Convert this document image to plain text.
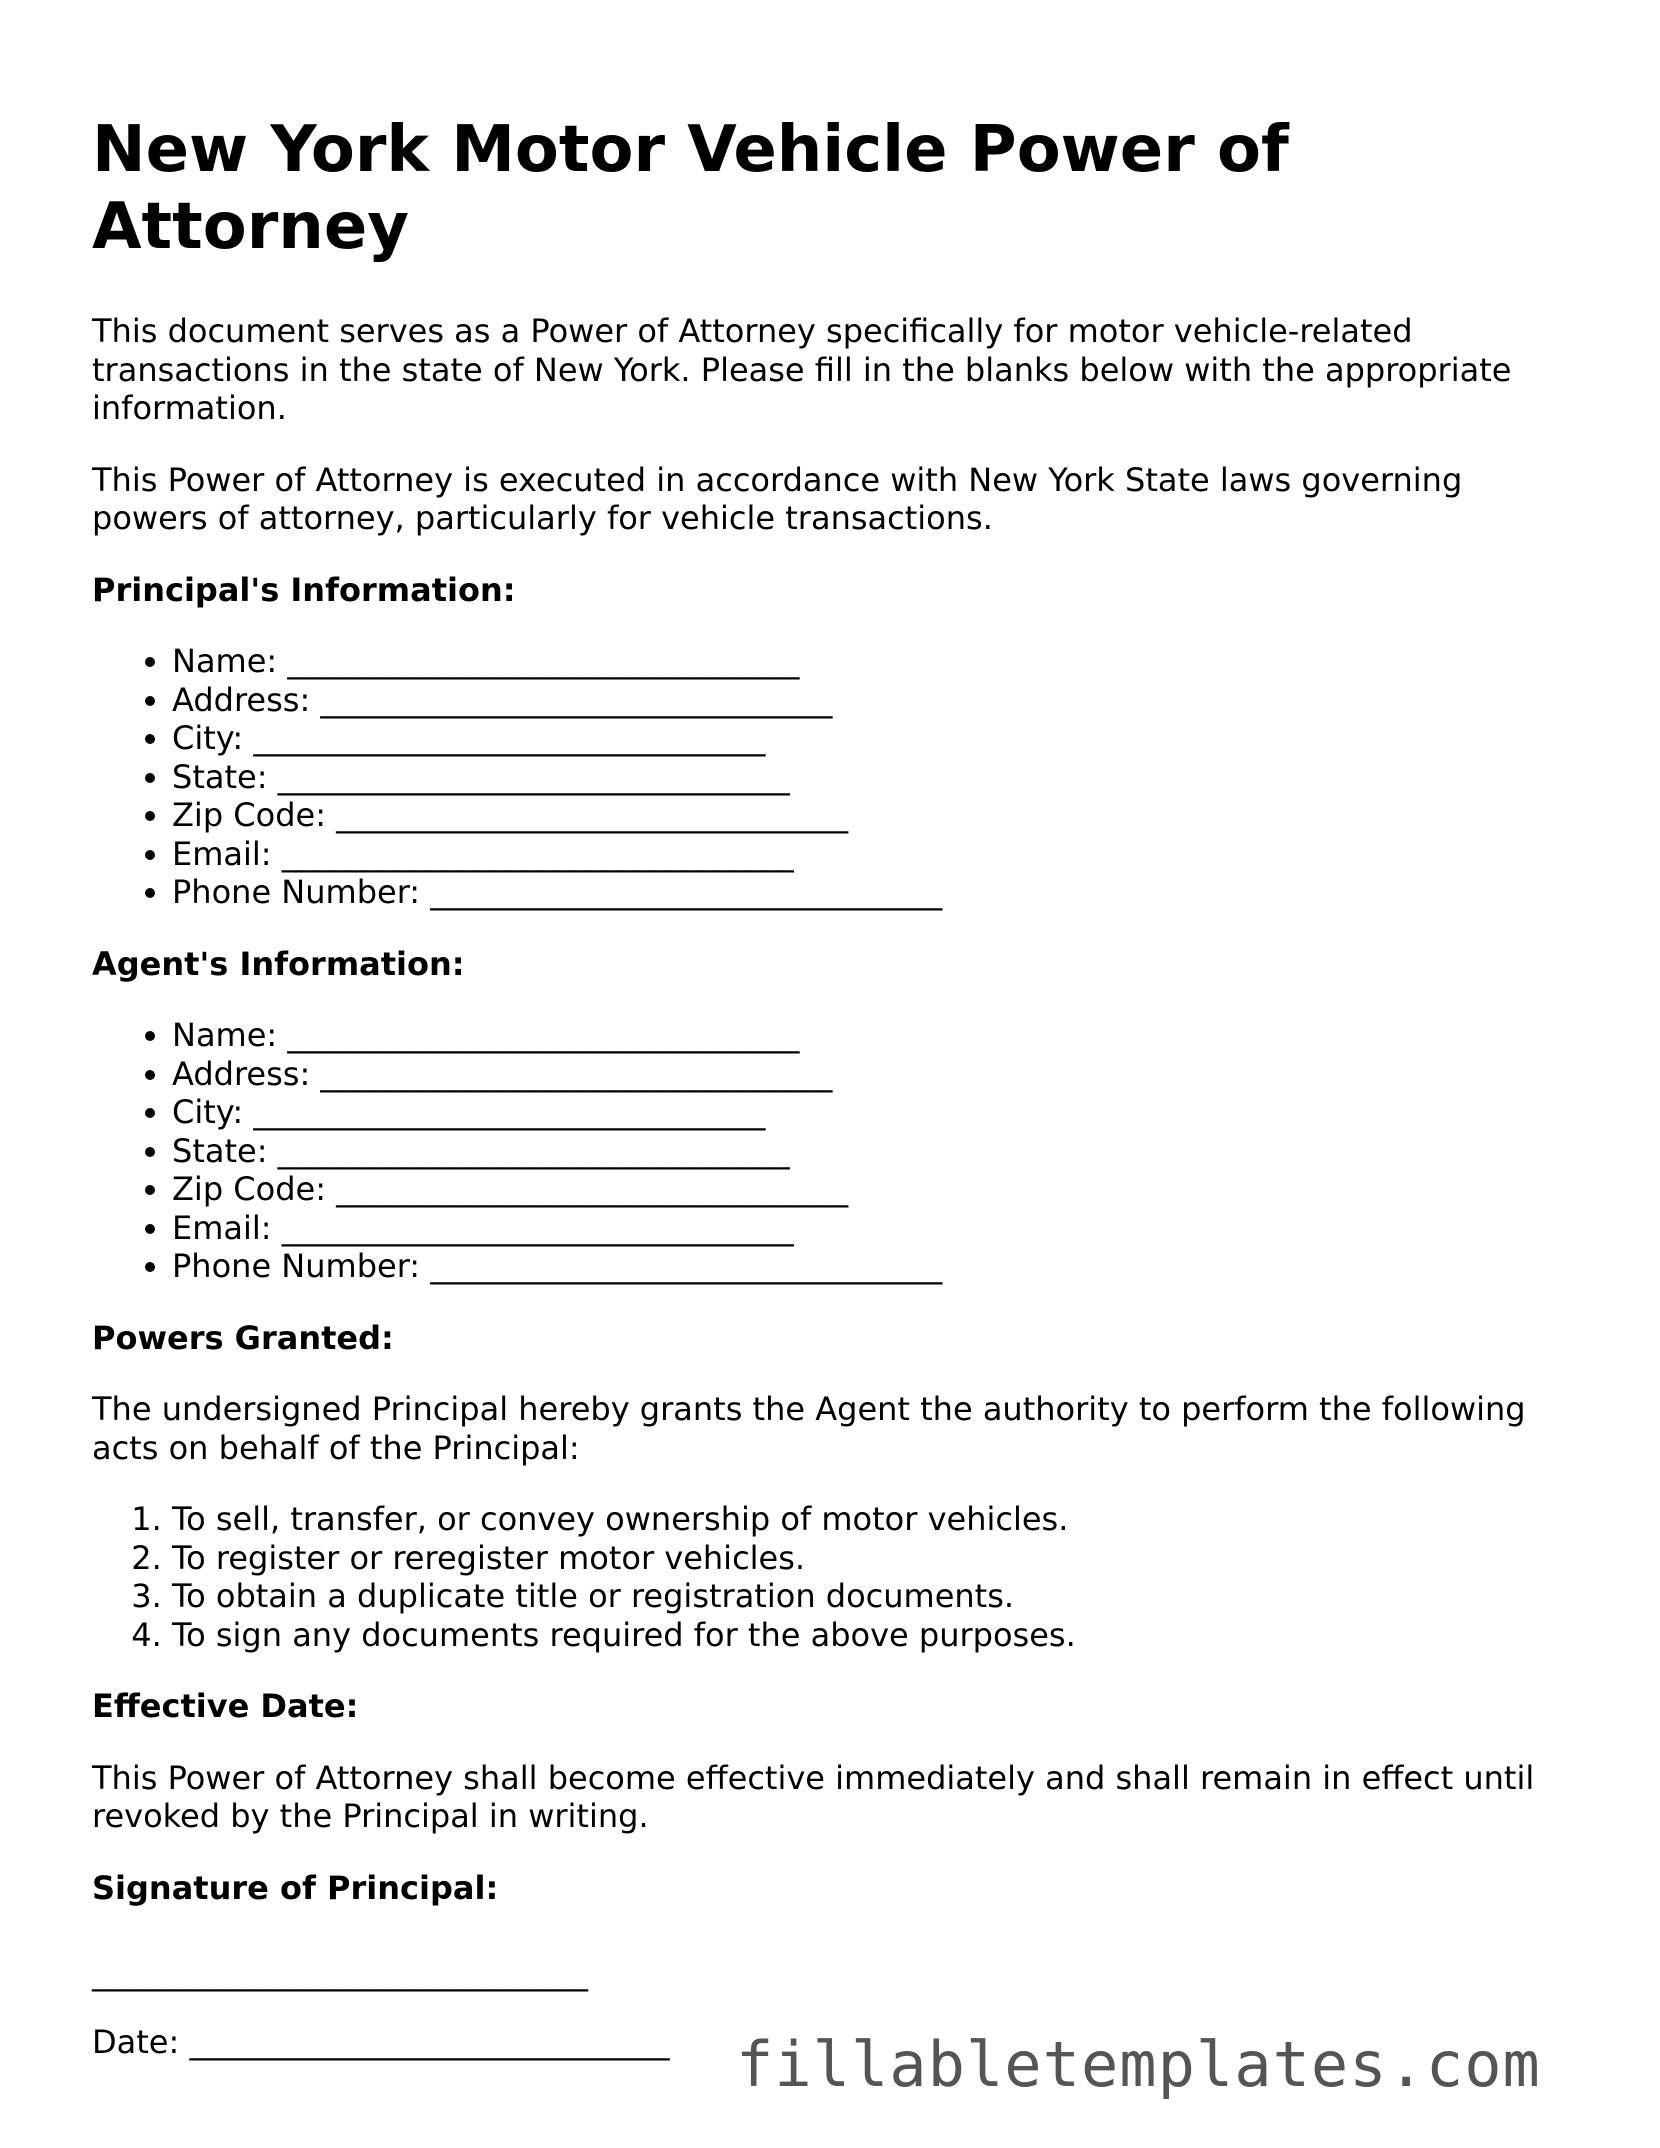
New York Motor Vehicle Power of Attorney

This document serves as a Power of Attorney specifically for motor vehicle-related transactions in the state of New York. Please fill in the blanks below with the appropriate information.

This Power of Attorney is executed in accordance with New York State laws governing powers of attorney, particularly for vehicle transactions.

Principal's Information:
• Name: ________________________________
• Address: ________________________________
• City: ________________________________
• State: ________________________________
• Zip Code: ________________________________
• Email: ________________________________
• Phone Number: ________________________________
Agent's Information:
• Name: ________________________________
• Address: ________________________________
• City: ________________________________
• State: ________________________________
• Zip Code: ________________________________
• Email: ________________________________
• Phone Number: ________________________________
Powers Granted:

The undersigned Principal hereby grants the Agent the authority to perform the following acts on behalf of the Principal:

1. To sell, transfer, or convey ownership of motor vehicles.
2. To register or reregister motor vehicles.
3. To obtain a duplicate title or registration documents.
4. To sign any documents required for the above purposes.
Effective Date:

This Power of Attorney shall become effective immediately and shall remain in effect until revoked by the Principal in writing.

Signature of Principal:
_______________________________
Date: ______________________________	fillabletemplates.com
